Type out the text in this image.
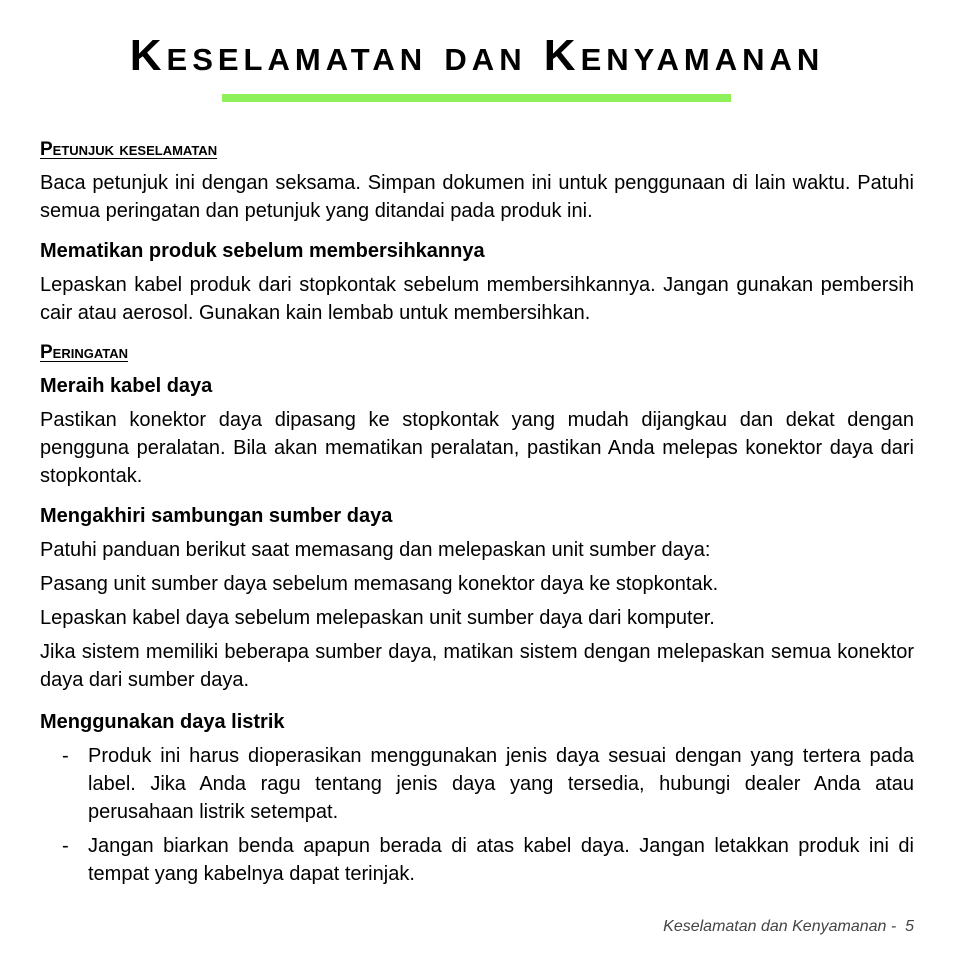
Keselamatan dan Kenyamanan
Petunjuk keselamatan

Baca petunjuk ini dengan seksama. Simpan dokumen ini untuk penggunaan di lain waktu. Patuhi semua peringatan dan petunjuk yang ditandai pada produk ini.

Mematikan produk sebelum membersihkannya

Lepaskan kabel produk dari stopkontak sebelum membersihkannya. Jangan gunakan pembersih cair atau aerosol. Gunakan kain lembab untuk membersihkan.

Peringatan
Meraih kabel daya

Pastikan konektor daya dipasang ke stopkontak yang mudah dijangkau dan dekat dengan pengguna peralatan. Bila akan mematikan peralatan, pastikan Anda melepas konektor daya dari stopkontak.

Mengakhiri sambungan sumber daya

Patuhi panduan berikut saat memasang dan melepaskan unit sumber daya:

Pasang unit sumber daya sebelum memasang konektor daya ke stopkontak.

Lepaskan kabel daya sebelum melepaskan unit sumber daya dari komputer.

Jika sistem memiliki beberapa sumber daya, matikan sistem dengan melepaskan semua konektor daya dari sumber daya.

Menggunakan daya listrik
- Produk ini harus dioperasikan menggunakan jenis daya sesuai dengan yang tertera pada label. Jika Anda ragu tentang jenis daya yang tersedia, hubungi dealer Anda atau perusahaan listrik setempat.
- Jangan biarkan benda apapun berada di atas kabel daya. Jangan letakkan produk ini di tempat yang kabelnya dapat terinjak.
Keselamatan dan Kenyamanan - 5
